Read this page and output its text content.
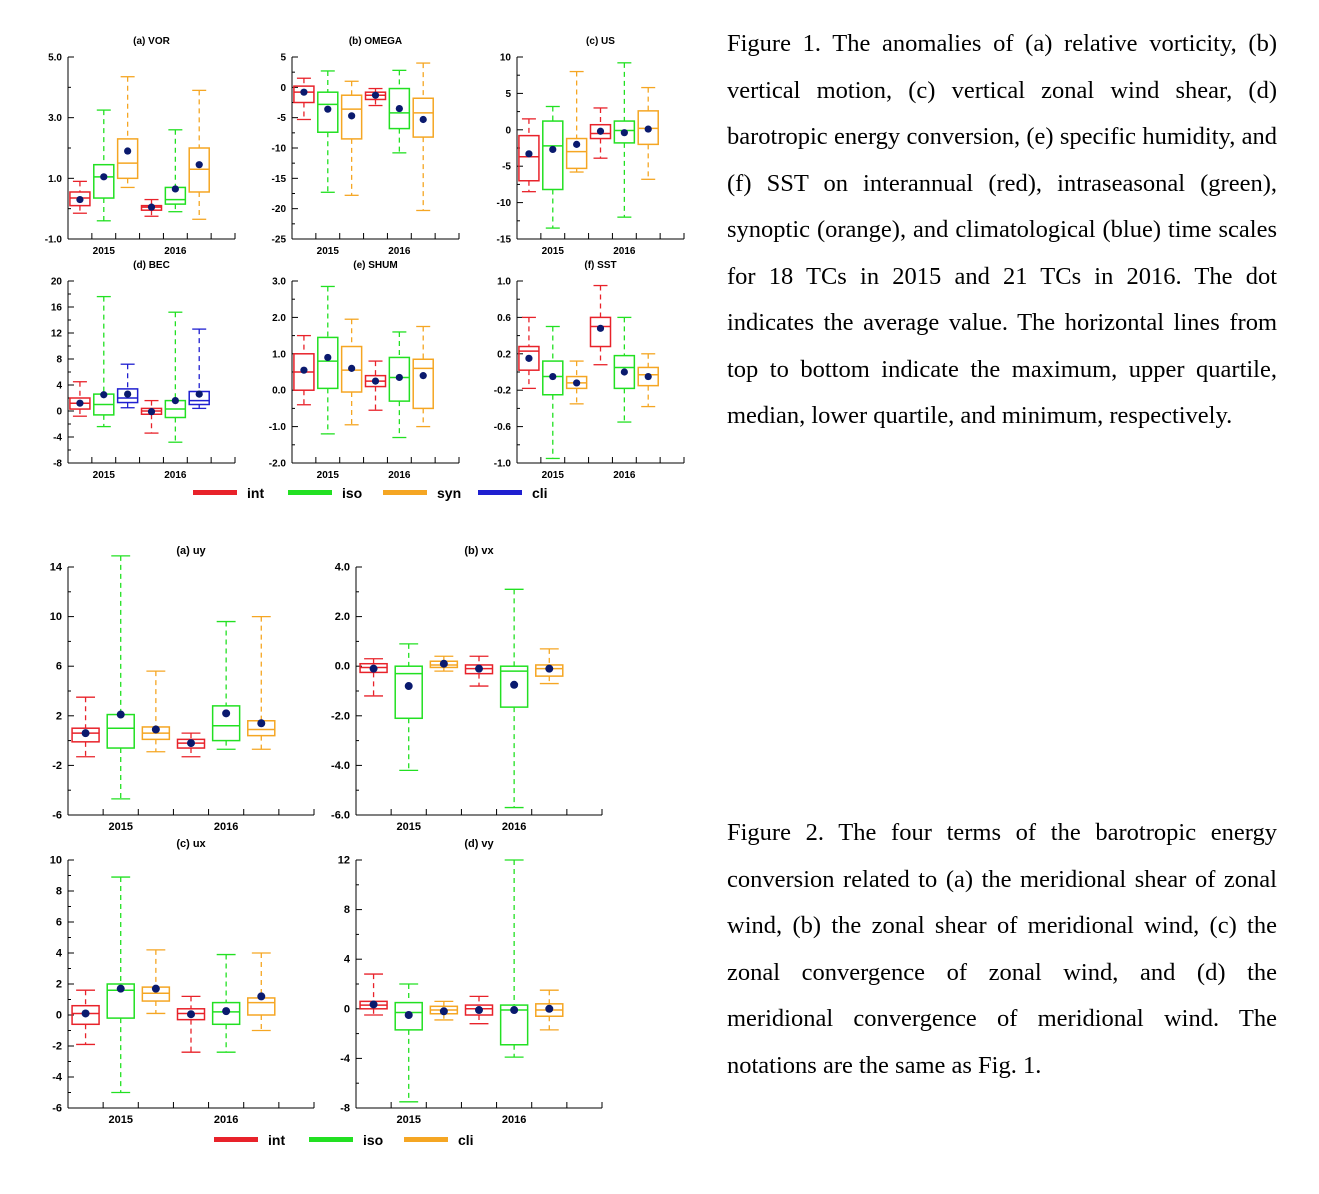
(a) VOR
-1.0
1.0
3.0
5.0
2015	2016
(b) OMEGA
-25
-20
-15
-10
-5
0
5
2015	2016
(c) US
-15
-10
-5
0
5
10
2015	2016
(d) BEC
-8
-4
0
4
8
12
16
20
2015	2016
(e) SHUM
-2.0
-1.0
0.0
1.0
2.0
3.0
2015	2016
(f) SST
-1.0
-0.6
-0.2
0.2
0.6
1.0
2015	2016
(a) uy
-6
-2
2
6
10
14
2015	2016
(b) vx
-6.0
-4.0
-2.0
0.0
2.0
4.0
2015	2016
(c) ux
-6
-4
-2
0
2
4
6
8
10
2015	2016
(d) vy
-8
-4
0
4
8
12
2015	2016
int	iso	syn	cli
int	iso	cli

Figure 1. The anomalies of (a) relative vorticity, (b) vertical motion, (c) vertical zonal wind shear, (d) barotropic energy conversion, (e) specific humidity, and (f) SST on interannual (red), intraseasonal (green), synoptic (orange), and climatological (blue) time scales for 18 TCs in 2015 and 21 TCs in 2016. The dot indicates the average value. The horizontal lines from top to bottom indicate the maximum, upper quartile, median, lower quartile, and minimum, respectively.

Figure 2. The four terms of the barotropic energy conversion related to (a) the meridional shear of zonal wind, (b) the zonal shear of meridional wind, (c) the zonal convergence of zonal wind, and (d) the meridional convergence of meridional wind. The notations are the same as Fig. 1.
